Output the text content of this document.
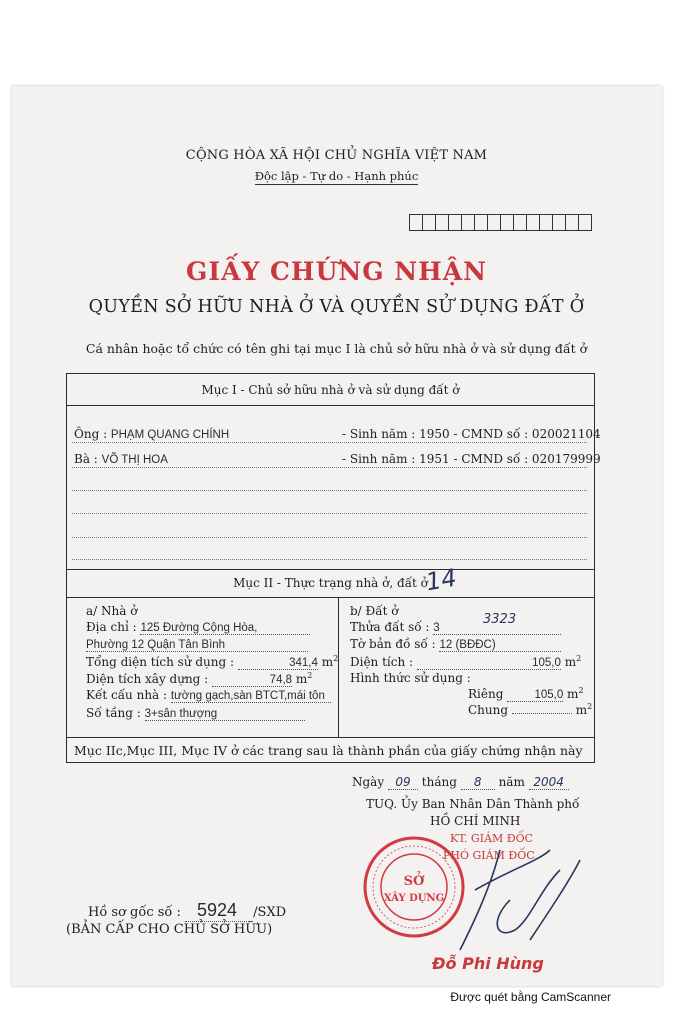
CỘNG HÒA XÃ HỘI CHỦ NGHĨA VIỆT NAM
Độc lập - Tự do - Hạnh phúc
GIẤY CHỨNG NHẬN
QUYỀN SỞ HỮU NHÀ Ở VÀ QUYỀN SỬ DỤNG ĐẤT Ở
Cá nhân hoặc tổ chức có tên ghi tại mục I là chủ sở hữu nhà ở và sử dụng đất ở
Mục I - Chủ sở hữu nhà ở và sử dụng đất ở
Ông : PHẠM QUANG CHÍNH	- Sinh năm : 1950 - CMND số : 020021104
Bà : VÕ THỊ HOA	- Sinh năm : 1951 - CMND số : 020179999
Mục II - Thực trạng nhà ở, đất ở
14
a/ Nhà ở
Địa chỉ : 125 Đường Cộng Hòa,
Phường 12 Quận Tân Bình
Tổng diện tích sử dụng :	341,4 $m^2$
Diện tích xây dựng :	74,8 $m^2$
Kết cấu nhà : tường gạch,sàn BTCT,mái tôn
Số tầng : 3+sân thượng
b/ Đất ở
Thửa đất số : 3
3323
Tờ bản đồ số : 12 (BĐĐC)
Diện tích :	105,0 $m^2$
Hình thức sử dụng :
Riêng	105,0 $m^2$
Chung	$m^2$
Mục IIc,Mục III, Mục IV ở các trang sau là thành phần của giấy chứng nhận này
Ngày 09 tháng 8 năm 2004
TUQ. Ủy Ban Nhân Dân Thành phố
HỒ CHÍ MINH
KT. GIÁM ĐỐC
PHÓ GIÁM ĐỐC
SỞ
XÂY DỰNG
Đỗ Phi Hùng
Hồ sơ gốc số : 5924 /SXD
(BẢN CẤP CHO CHỦ SỞ HỮU)
Được quét bằng CamScanner
